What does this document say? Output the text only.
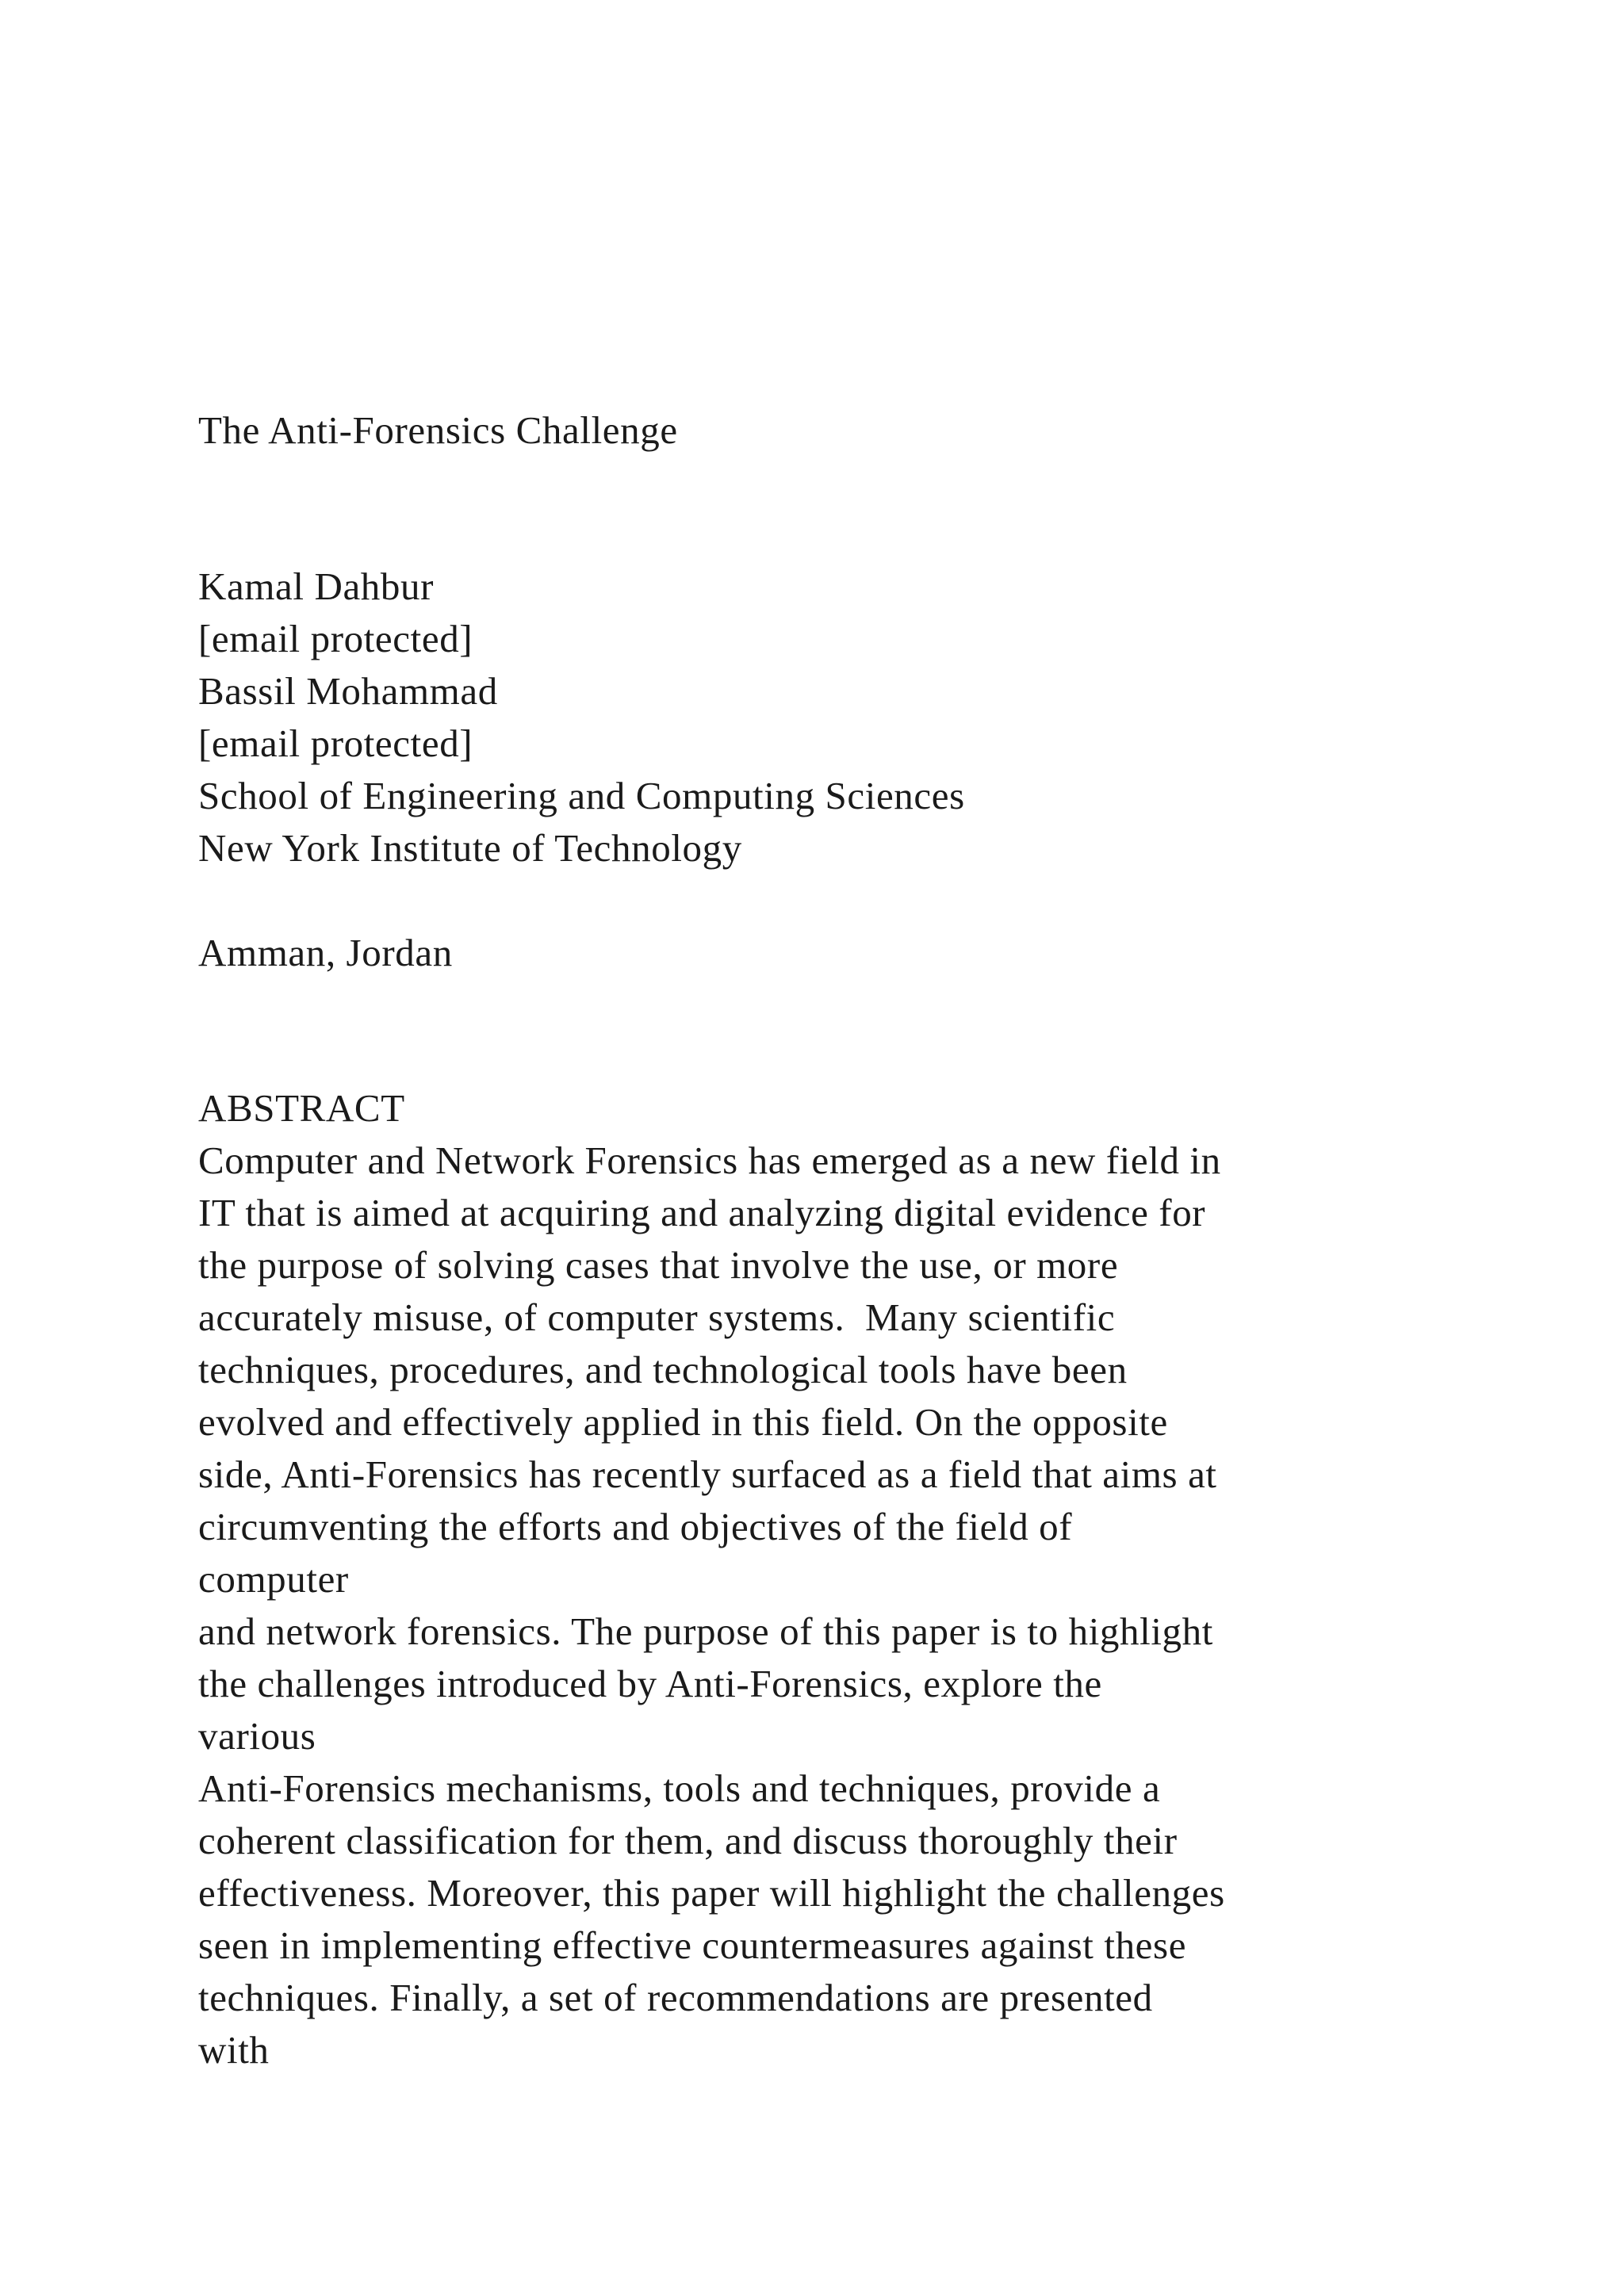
The Anti-Forensics Challenge

Kamal Dahbur

[email protected]

Bassil Mohammad

[email protected]

School of Engineering and Computing Sciences

New York Institute of Technology

Amman, Jordan

ABSTRACT

Computer and Network Forensics has emerged as a new field in

IT that is aimed at acquiring and analyzing digital evidence for

the purpose of solving cases that involve the use, or more

accurately misuse, of computer systems.  Many scientific

techniques, procedures, and technological tools have been

evolved and effectively applied in this field. On the opposite

side, Anti-Forensics has recently surfaced as a field that aims at

circumventing the efforts and objectives of the field of

computer

and network forensics. The purpose of this paper is to highlight

the challenges introduced by Anti-Forensics, explore the

various

Anti-Forensics mechanisms, tools and techniques, provide a

coherent classification for them, and discuss thoroughly their

effectiveness. Moreover, this paper will highlight the challenges

seen in implementing effective countermeasures against these

techniques. Finally, a set of recommendations are presented

with
